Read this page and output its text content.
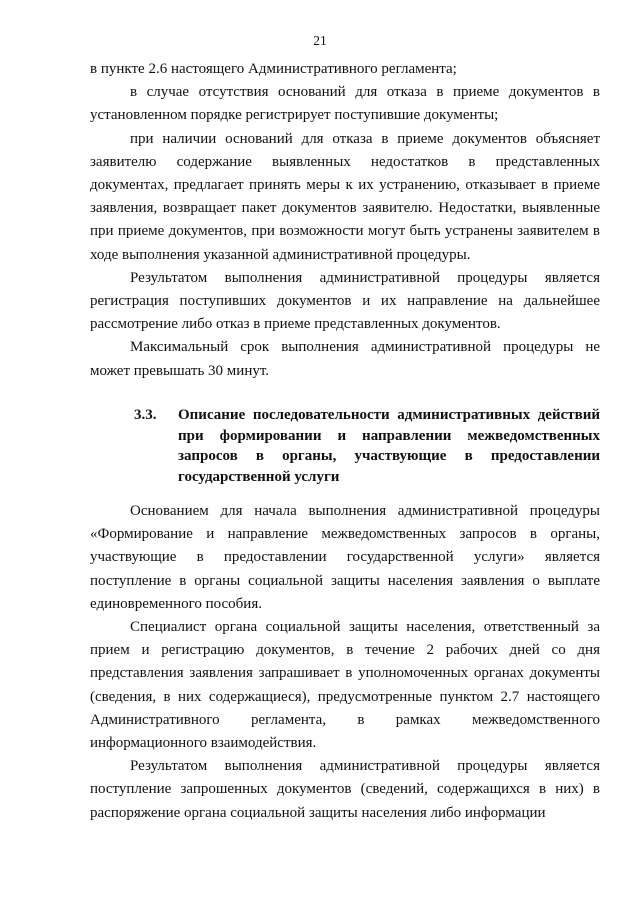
21

в пункте 2.6 настоящего Административного регламента;

в случае отсутствия оснований для отказа в приеме документов в установленном порядке регистрирует поступившие документы;

при наличии оснований для отказа в приеме документов объясняет заявителю содержание выявленных недостатков в представленных документах, предлагает принять меры к их устранению, отказывает в приеме заявления, возвращает пакет документов заявителю. Недостатки, выявленные при приеме документов, при возможности могут быть устранены заявителем в ходе выполнения указанной административной процедуры.

Результатом выполнения административной процедуры является регистрация поступивших документов и их направление на дальнейшее рассмотрение либо отказ в приеме представленных документов.

Максимальный срок выполнения административной процедуры не может превышать 30 минут.

3.3.	Описание последовательности административных действий при формировании и направлении межведомственных запросов в органы, участвующие в предоставлении государственной услуги

Основанием для начала выполнения административной процедуры «Формирование и направление межведомственных запросов в органы, участвующие в предоставлении государственной услуги» является поступление в органы социальной защиты населения заявления о выплате единовременного пособия.

Специалист органа социальной защиты населения, ответственный за прием и регистрацию документов, в течение 2 рабочих дней со дня представления заявления запрашивает в уполномоченных органах документы (сведения, в них содержащиеся), предусмотренные пунктом 2.7 настоящего Административного регламента, в рамках межведомственного информационного взаимодействия.

Результатом выполнения административной процедуры является поступление запрошенных документов (сведений, содержащихся в них) в распоряжение органа социальной защиты населения либо информации
